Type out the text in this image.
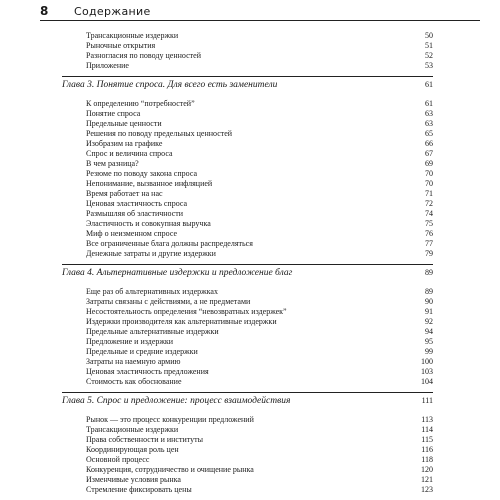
8	Содержание
Трансакционные издержки	50
Рыночные открытия	51
Разногласия по поводу ценностей	52
Приложение	53
Глава 3. Понятие спроса. Для всего есть заменители	61
К определению “потребностей”	61
Понятие спроса	63
Предельные ценности	63
Решения по поводу предельных ценностей	65
Изобразим на графике	66
Спрос и величина спроса	67
В чем разница?	69
Резюме по поводу закона спроса	70
Непонимание, вызванное инфляцией	70
Время работает на нас	71
Ценовая эластичность спроса	72
Размышляя об эластичности	74
Эластичность и совокупная выручка	75
Миф о неизменном спросе	76
Все ограниченные блага должны распределяться	77
Денежные затраты и другие издержки	79
Глава 4. Альтернативные издержки и предложение благ	89
Еще раз об альтернативных издержках	89
Затраты связаны с действиями, а не предметами	90
Несостоятельность определения “невозвратных издержек”	91
Издержки производителя как альтернативные издержки	92
Предельные альтернативные издержки	94
Предложение и издержки	95
Предельные и средние издержки	99
Затраты на наемную армию	100
Ценовая эластичность предложения	103
Стоимость как обоснование	104
Глава 5. Спрос и предложение: процесс взаимодействия	111
Рынок — это процесс конкуренции предложений	113
Трансакционные издержки	114
Права собственности и институты	115
Координирующая роль цен	116
Основной процесс	118
Конкуренция, сотрудничество и очищение рынка	120
Изменчивые условия рынка	121
Стремление фиксировать цены	123
